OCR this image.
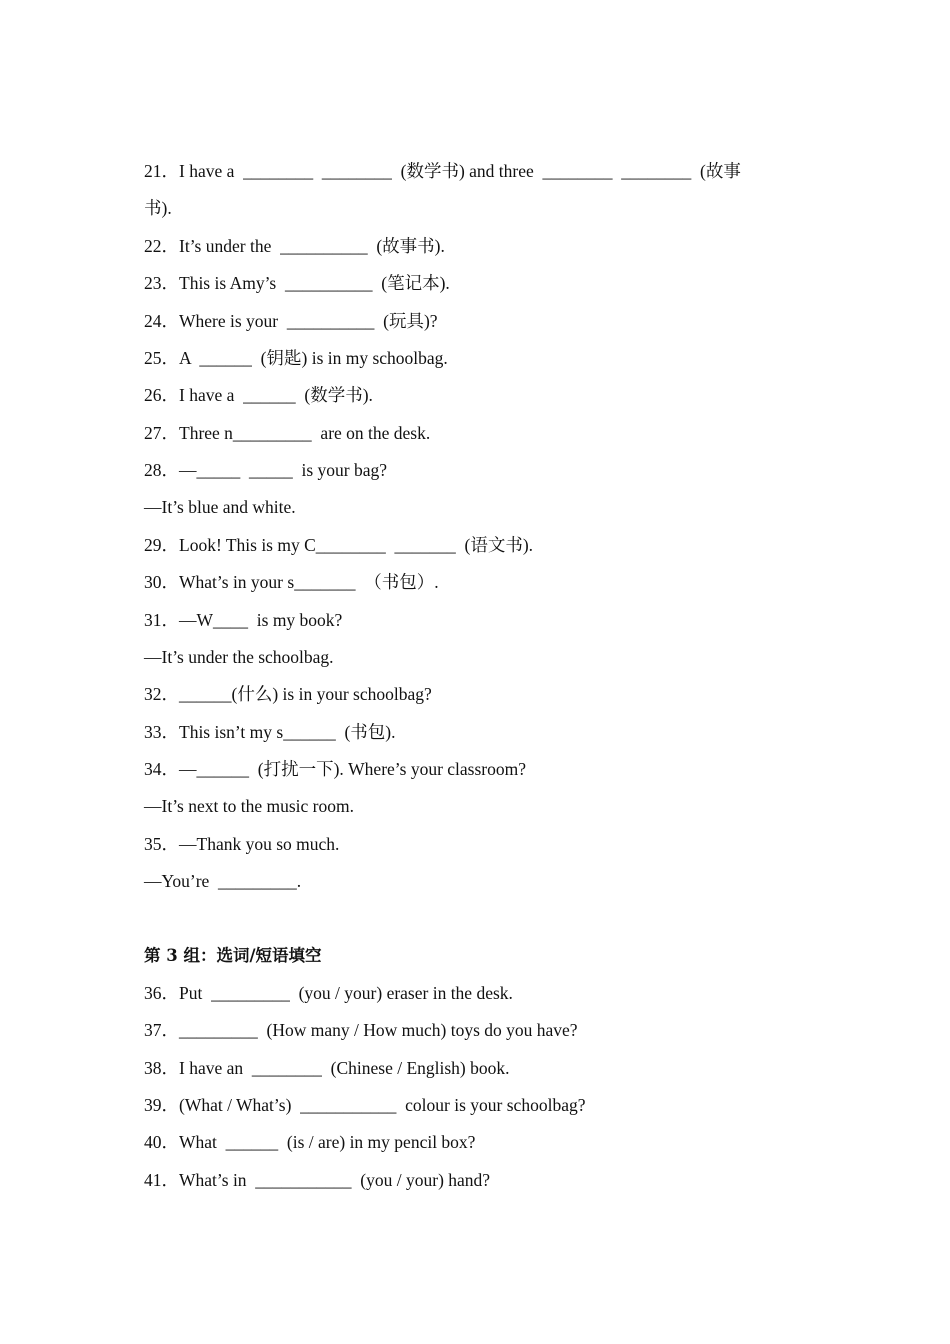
21．I have a  ________  ________  (数学书) and three  ________  ________  (故事
书).
22．It’s under the  __________  (故事书).
23．This is Amy’s  __________  (笔记本).
24．Where is your  __________  (玩具)?
25．A  ______  (钥匙) is in my schoolbag.
26．I have a  ______  (数学书).
27．Three n_________  are on the desk.
28．—_____  _____  is your bag?
—It’s blue and white.
29．Look! This is my C________  _______  (语文书).
30．What’s in your s_______  （书包）.
31．—W____  is my book?
—It’s under the schoolbag.
32．______(什么) is in your schoolbag?
33．This isn’t my s______  (书包).
34．—______  (打扰一下). Where’s your classroom?
—It’s next to the music room.
35．—Thank you so much.
—You’re  _________.
第 3 组：选词/短语填空
36．Put  _________  (you / your) eraser in the desk.
37．_________  (How many / How much) toys do you have?
38．I have an  ________  (Chinese / English) book.
39．(What / What’s)  ___________  colour is your schoolbag?
40．What  ______  (is / are) in my pencil box?
41．What’s in  ___________  (you / your) hand?
